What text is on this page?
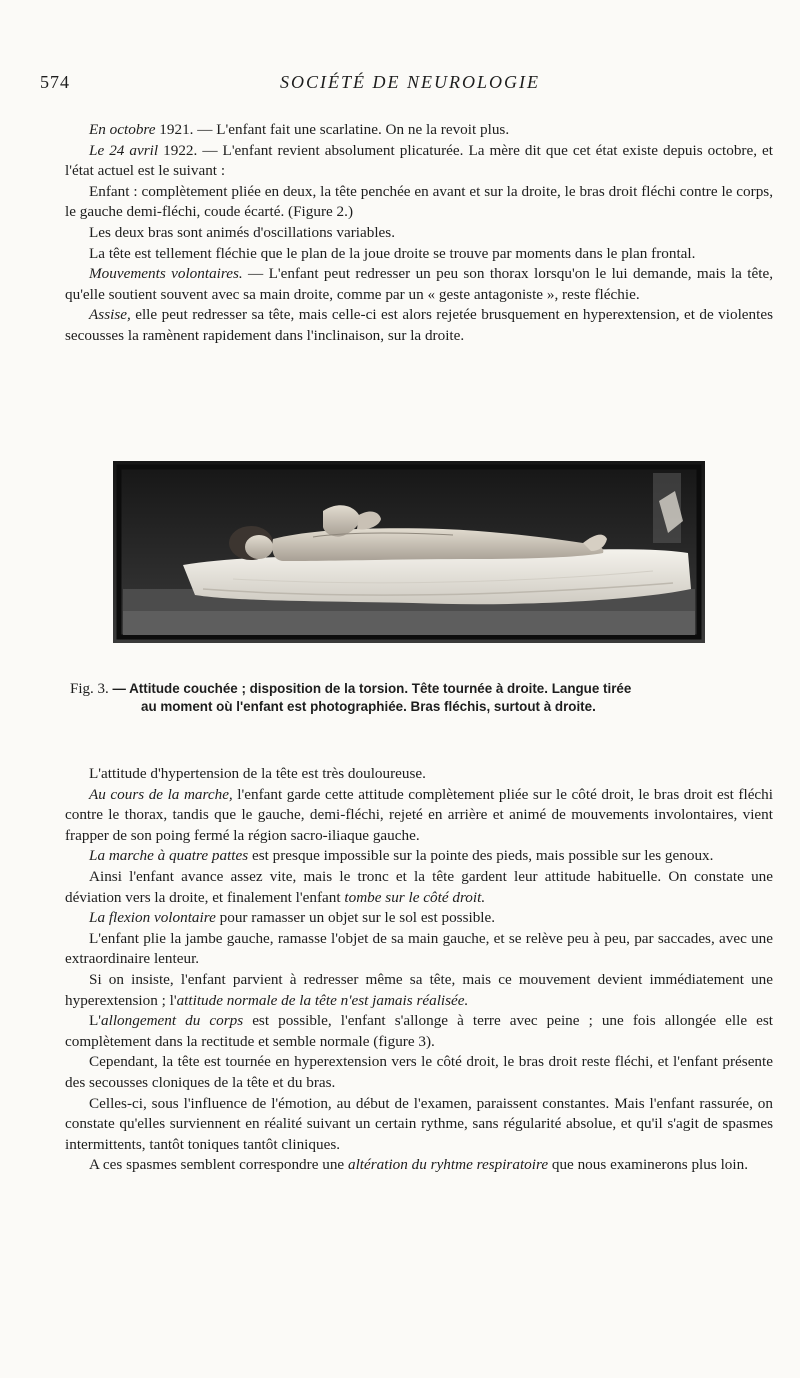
574	SOCIÉTÉ DE NEUROLOGIE

En octobre 1921. — L'enfant fait une scarlatine. On ne la revoit plus.

Le 24 avril 1922. — L'enfant revient absolument plicaturée. La mère dit que cet état existe depuis octobre, et l'état actuel est le suivant :

Enfant : complètement pliée en deux, la tête penchée en avant et sur la droite, le bras droit fléchi contre le corps, le gauche demi-fléchi, coude écarté. (Figure 2.)

Les deux bras sont animés d'oscillations variables.

La tête est tellement fléchie que le plan de la joue droite se trouve par moments dans le plan frontal.

Mouvements volontaires. — L'enfant peut redresser un peu son thorax lorsqu'on le lui demande, mais la tête, qu'elle soutient souvent avec sa main droite, comme par un « geste antagoniste », reste fléchie.

Assise, elle peut redresser sa tête, mais celle-ci est alors rejetée brusquement en hyperextension, et de violentes secousses la ramènent rapidement dans l'inclinaison, sur la droite.

Fig. 3. — Attitude couchée ; disposition de la torsion. Tête tournée à droite. Langue tirée
au moment où l'enfant est photographiée. Bras fléchis, surtout à droite.

L'attitude d'hypertension de la tête est très douloureuse.

Au cours de la marche, l'enfant garde cette attitude complètement pliée sur le côté droit, le bras droit est fléchi contre le thorax, tandis que le gauche, demi-fléchi, rejeté en arrière et animé de mouvements involontaires, vient frapper de son poing fermé la région sacro-iliaque gauche.

La marche à quatre pattes est presque impossible sur la pointe des pieds, mais possible sur les genoux.

Ainsi l'enfant avance assez vite, mais le tronc et la tête gardent leur attitude habituelle. On constate une déviation vers la droite, et finalement l'enfant tombe sur le côté droit.

La flexion volontaire pour ramasser un objet sur le sol est possible.

L'enfant plie la jambe gauche, ramasse l'objet de sa main gauche, et se relève peu à peu, par saccades, avec une extraordinaire lenteur.

Si on insiste, l'enfant parvient à redresser même sa tête, mais ce mouvement devient immédiatement une hyperextension ; l'attitude normale de la tête n'est jamais réalisée.

L'allongement du corps est possible, l'enfant s'allonge à terre avec peine ; une fois allongée elle est complètement dans la rectitude et semble normale (figure 3).

Cependant, la tête est tournée en hyperextension vers le côté droit, le bras droit reste fléchi, et l'enfant présente des secousses cloniques de la tête et du bras.

Celles-ci, sous l'influence de l'émotion, au début de l'examen, paraissent constantes. Mais l'enfant rassurée, on constate qu'elles surviennent en réalité suivant un certain rythme, sans régularité absolue, et qu'il s'agit de spasmes intermittents, tantôt toniques tantôt cliniques.

A ces spasmes semblent correspondre une altération du ryhtme respiratoire que nous examinerons plus loin.
